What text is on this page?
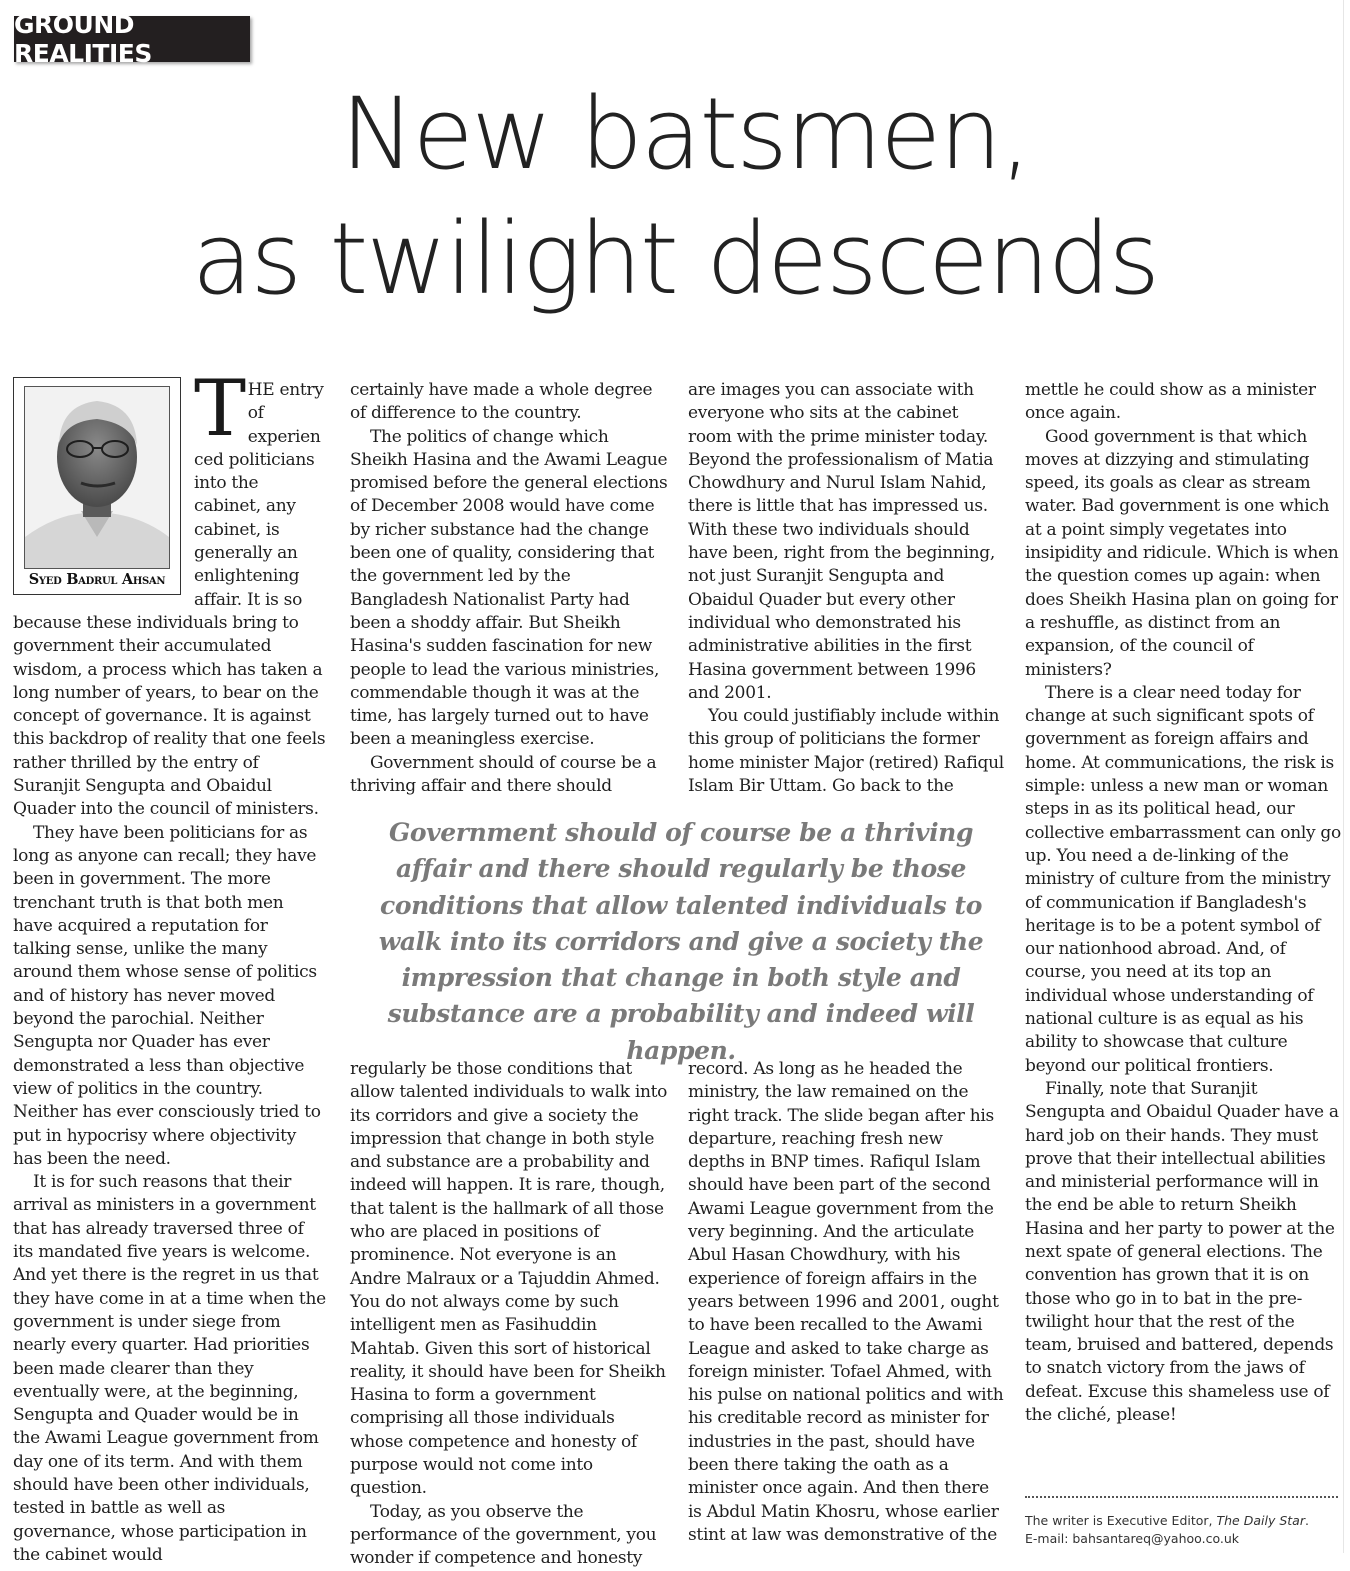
GROUND REALITIES
New batsmen,
as twilight descends
Syed Badrul Ahsan
T HE entry
of
experien
ced politicians
into the
cabinet, any
cabinet, is
generally an
enlightening
affair. It is so

because these individuals bring to government their accumulated wisdom, a process which has taken a long number of years, to bear on the concept of governance. It is against this backdrop of reality that one feels rather thrilled by the entry of Suranjit Sengupta and Obaidul Quader into the council of ministers.

They have been politicians for as long as anyone can recall; they have been in government. The more trenchant truth is that both men have acquired a reputation for talking sense, unlike the many around them whose sense of politics and of history has never moved beyond the parochial. Neither Sengupta nor Quader has ever demonstrated a less than objective view of politics in the country. Neither has ever consciously tried to put in hypocrisy where objectivity has been the need.

It is for such reasons that their arrival as ministers in a government that has already traversed three of its mandated five years is welcome. And yet there is the regret in us that they have come in at a time when the government is under siege from nearly every quarter. Had priorities been made clearer than they eventually were, at the beginning, Sengupta and Quader would be in the Awami League government from day one of its term. And with them should have been other individuals, tested in battle as well as governance, whose participation in the cabinet would

certainly have made a whole degree of difference to the country.

The politics of change which Sheikh Hasina and the Awami League promised before the general elections of December 2008 would have come by richer substance had the change been one of quality, considering that the government led by the Bangladesh Nationalist Party had been a shoddy affair. But Sheikh Hasina's sudden fascination for new people to lead the various ministries, commendable though it was at the time, has largely turned out to have been a meaningless exercise.

Government should of course be a thriving affair and there should

are images you can associate with everyone who sits at the cabinet room with the prime minister today. Beyond the professionalism of Matia Chowdhury and Nurul Islam Nahid, there is little that has impressed us. With these two individuals should have been, right from the beginning, not just Suranjit Sengupta and Obaidul Quader but every other individual who demonstrated his administrative abilities in the first Hasina government between 1996 and 2001.

You could justifiably include within this group of politicians the former home minister Major (retired) Rafiqul Islam Bir Uttam. Go back to the

Government should of course be a thriving affair and there should regularly be those conditions that allow talented individuals to walk into its corridors and give a society the impression that change in both style and substance are a probability and indeed will happen.

regularly be those conditions that allow talented individuals to walk into its corridors and give a society the impression that change in both style and substance are a probability and indeed will happen. It is rare, though, that talent is the hallmark of all those who are placed in positions of prominence. Not everyone is an Andre Malraux or a Tajuddin Ahmed. You do not always come by such intelligent men as Fasihuddin Mahtab. Given this sort of historical reality, it should have been for Sheikh Hasina to form a government comprising all those individuals whose competence and honesty of purpose would not come into question.

Today, as you observe the performance of the government, you wonder if competence and honesty

record. As long as he headed the ministry, the law remained on the right track. The slide began after his departure, reaching fresh new depths in BNP times. Rafiqul Islam should have been part of the second Awami League government from the very beginning. And the articulate Abul Hasan Chowdhury, with his experience of foreign affairs in the years between 1996 and 2001, ought to have been recalled to the Awami League and asked to take charge as foreign minister. Tofael Ahmed, with his pulse on national politics and with his creditable record as minister for industries in the past, should have been there taking the oath as a minister once again. And then there is Abdul Matin Khosru, whose earlier stint at law was demonstrative of the

mettle he could show as a minister once again.

Good government is that which moves at dizzying and stimulating speed, its goals as clear as stream water. Bad government is one which at a point simply vegetates into insipidity and ridicule. Which is when the question comes up again: when does Sheikh Hasina plan on going for a reshuffle, as distinct from an expansion, of the council of ministers?

There is a clear need today for change at such significant spots of government as foreign affairs and home. At communications, the risk is simple: unless a new man or woman steps in as its political head, our collective embarrassment can only go up. You need a de-linking of the ministry of culture from the ministry of communication if Bangladesh's heritage is to be a potent symbol of our nationhood abroad. And, of course, you need at its top an individual whose understanding of national culture is as equal as his ability to showcase that culture beyond our political frontiers.

Finally, note that Suranjit Sengupta and Obaidul Quader have a hard job on their hands. They must prove that their intellectual abilities and ministerial performance will in the end be able to return Sheikh Hasina and her party to power at the next spate of general elections. The convention has grown that it is on those who go in to bat in the pre-twilight hour that the rest of the team, bruised and battered, depends to snatch victory from the jaws of defeat. Excuse this shameless use of the cliché, please!

The writer is Executive Editor, The Daily Star.
E-mail: bahsantareq@yahoo.co.uk
